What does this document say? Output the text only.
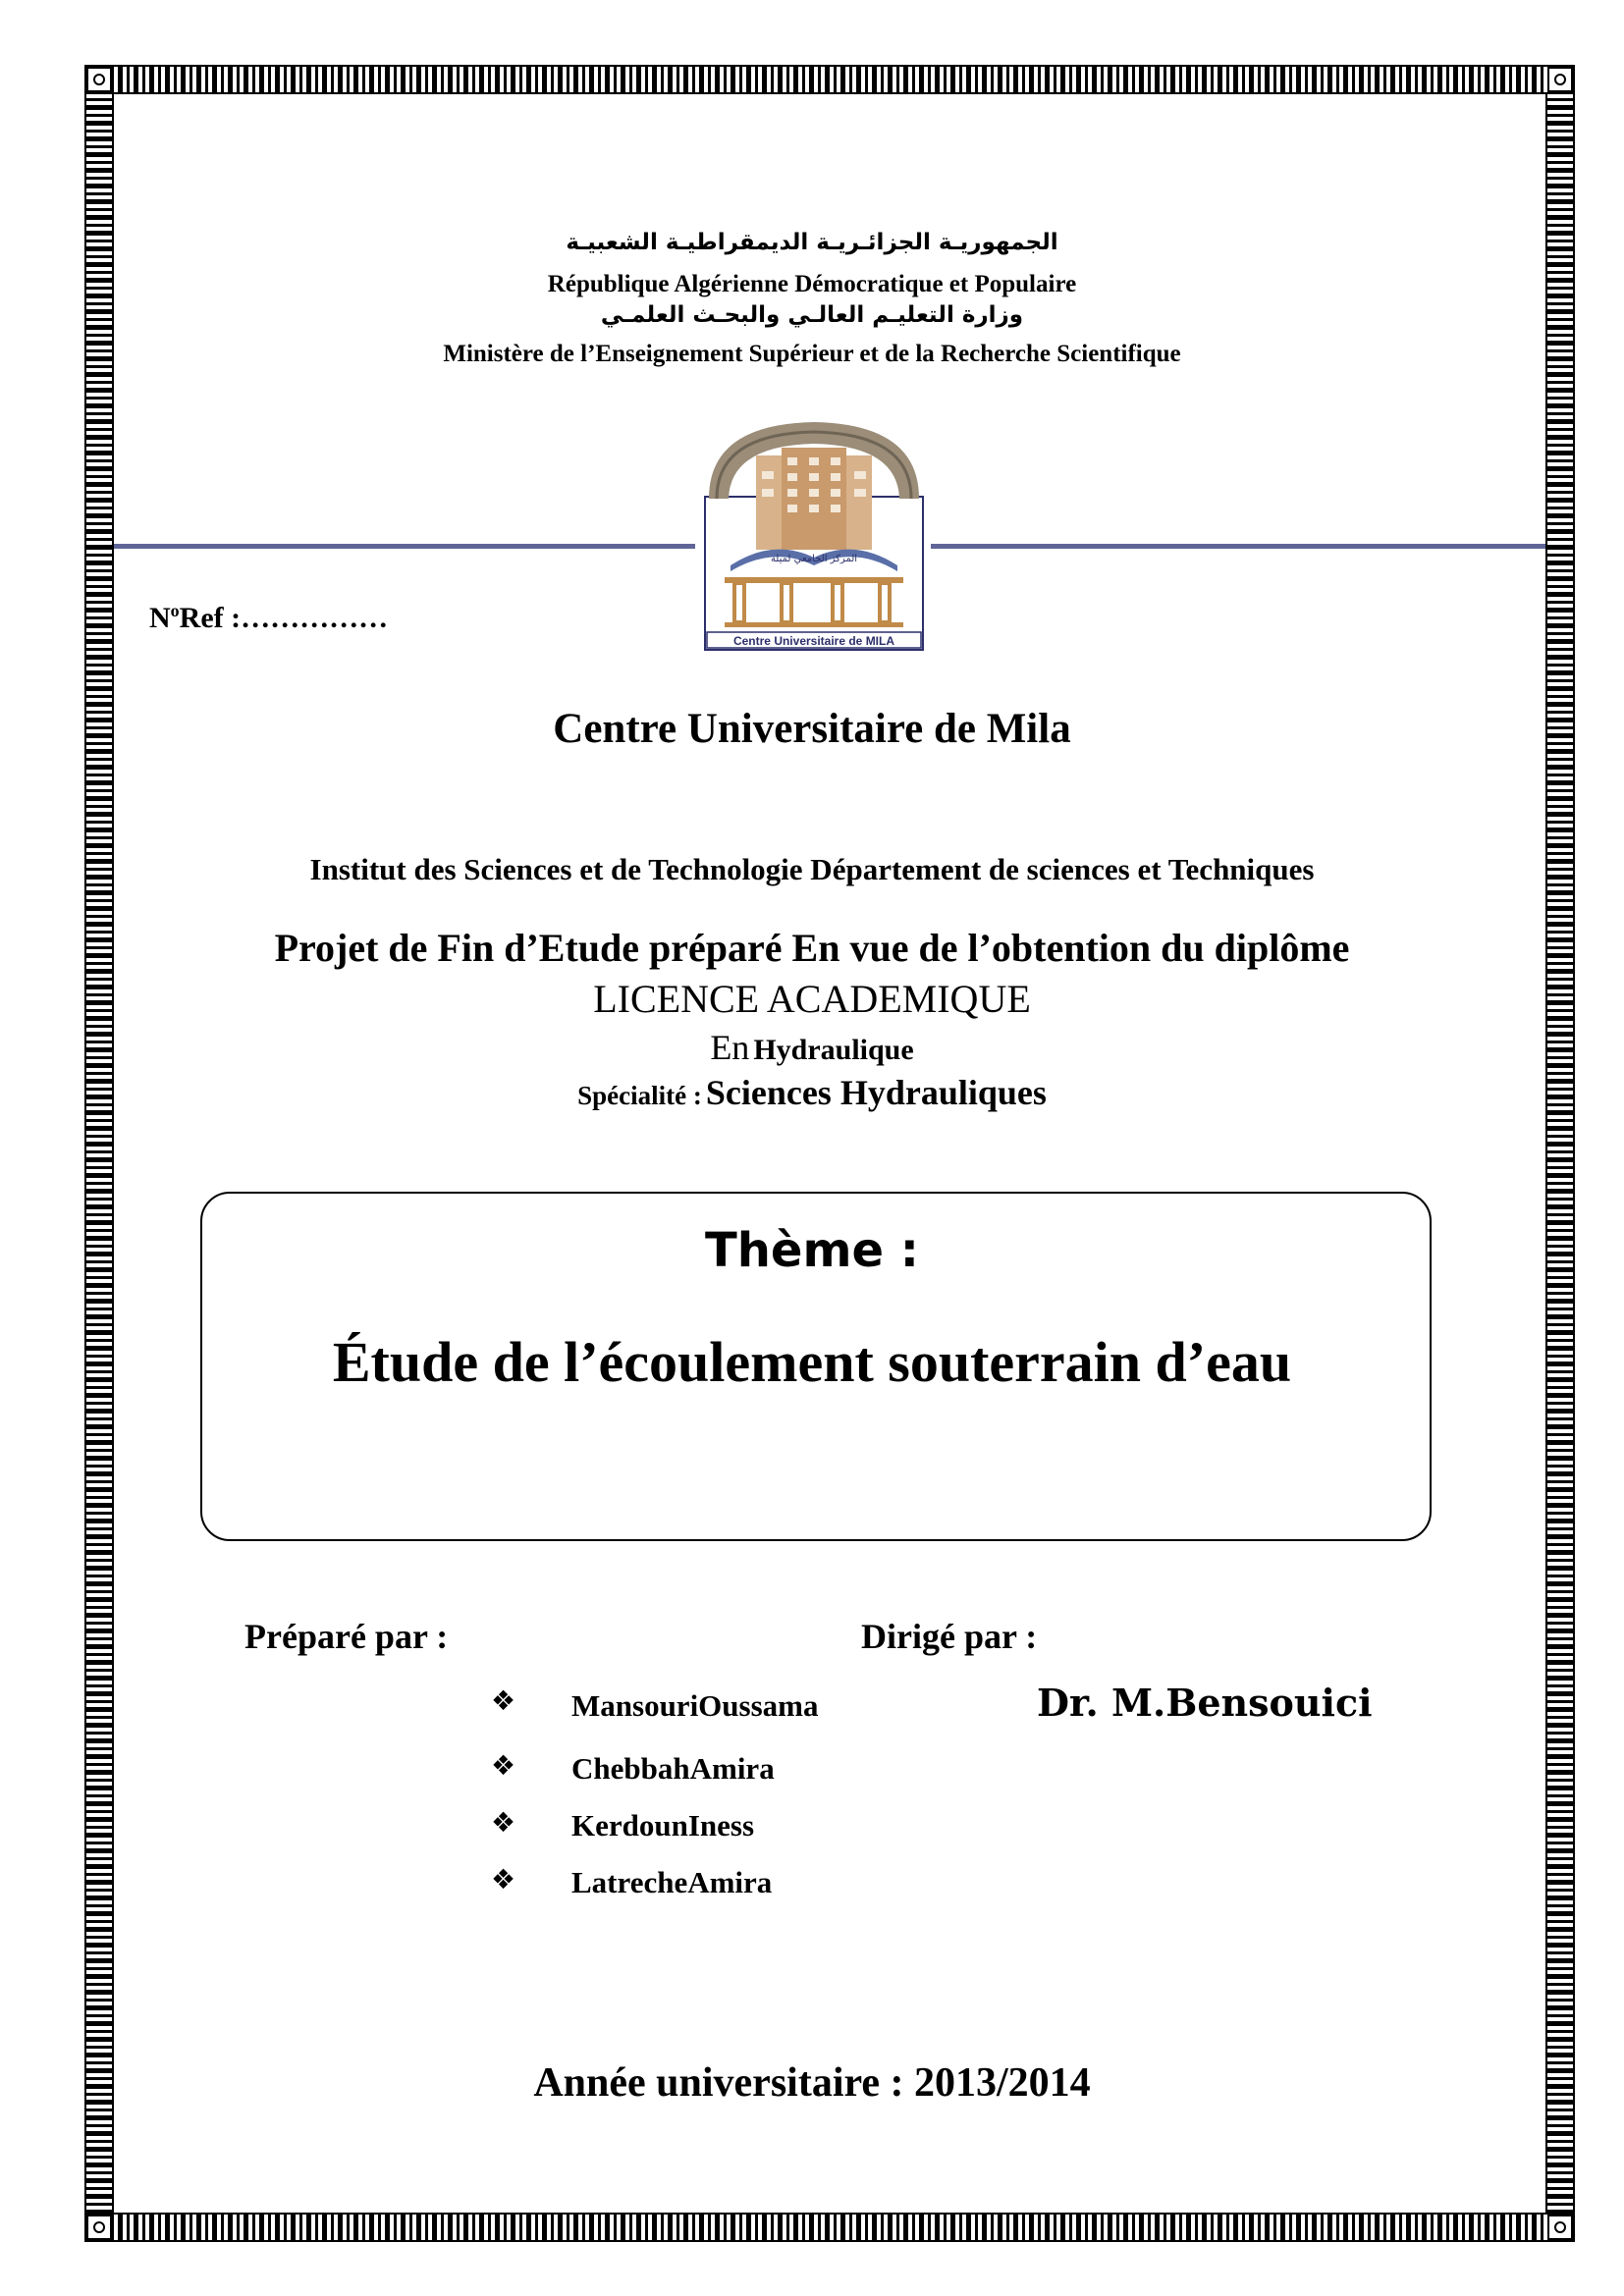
الجمهوريـة الجزائـريـة الديمقراطيـة الشعبيـة
République Algérienne Démocratique et Populaire
وزارة التعليـم العالـي والبحـث العلمـي
Ministère de l’Enseignement Supérieur et de la Recherche Scientifique
المركز الجامعي لميلة
Centre Universitaire de MILA
$N^oRef$ :……………
Centre Universitaire de Mila
Institut des Sciences et de Technologie Département de sciences et Techniques
Projet de Fin d’Etude préparé En vue de l’obtention du diplôme
LICENCE ACADEMIQUE
En Hydraulique
Spécialité : Sciences Hydrauliques
Thème :
Étude de l’écoulement souterrain d’eau
Préparé par :	Dirigé par :
❖ MansouriOussama
❖ ChebbahAmira
❖ KerdounIness
❖ LatrecheAmira
Dr. M.Bensouici
Année universitaire : 2013/2014
